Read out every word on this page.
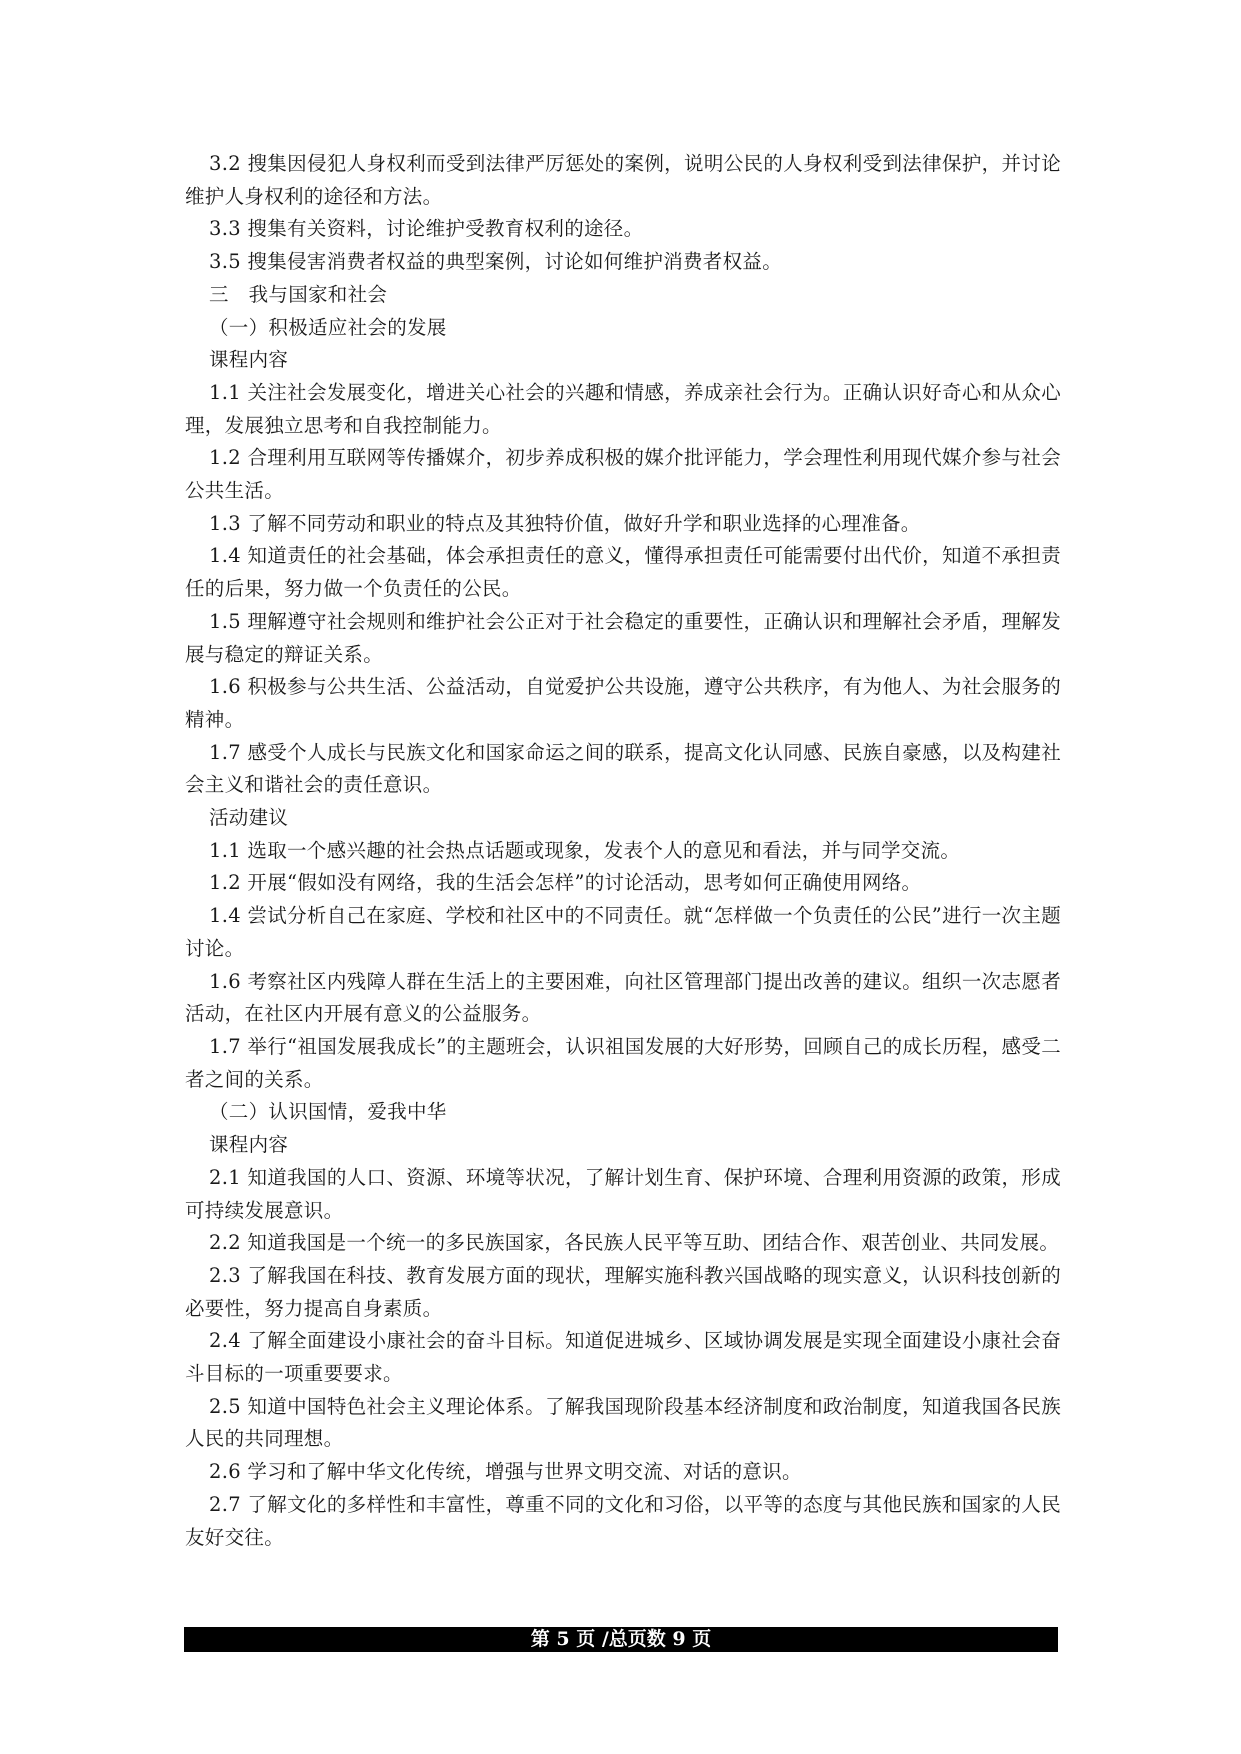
3.2 搜集因侵犯人身权利而受到法律严厉惩处的案例，说明公民的人身权利受到法律保护，并讨论维护人身权利的途径和方法。

3.3 搜集有关资料，讨论维护受教育权利的途径。

3.5 搜集侵害消费者权益的典型案例，讨论如何维护消费者权益。

三　我与国家和社会

（一）积极适应社会的发展

课程内容

1.1 关注社会发展变化，增进关心社会的兴趣和情感，养成亲社会行为。正确认识好奇心和从众心理，发展独立思考和自我控制能力。

1.2 合理利用互联网等传播媒介，初步养成积极的媒介批评能力，学会理性利用现代媒介参与社会公共生活。

1.3 了解不同劳动和职业的特点及其独特价值，做好升学和职业选择的心理准备。

1.4 知道责任的社会基础，体会承担责任的意义，懂得承担责任可能需要付出代价，知道不承担责任的后果，努力做一个负责任的公民。

1.5 理解遵守社会规则和维护社会公正对于社会稳定的重要性，正确认识和理解社会矛盾，理解发展与稳定的辩证关系。

1.6 积极参与公共生活、公益活动，自觉爱护公共设施，遵守公共秩序，有为他人、为社会服务的精神。

1.7 感受个人成长与民族文化和国家命运之间的联系，提高文化认同感、民族自豪感，以及构建社会主义和谐社会的责任意识。

活动建议

1.1 选取一个感兴趣的社会热点话题或现象，发表个人的意见和看法，并与同学交流。

1.2 开展“假如没有网络，我的生活会怎样”的讨论活动，思考如何正确使用网络。

1.4 尝试分析自己在家庭、学校和社区中的不同责任。就“怎样做一个负责任的公民”进行一次主题讨论。

1.6 考察社区内残障人群在生活上的主要困难，向社区管理部门提出改善的建议。组织一次志愿者活动，在社区内开展有意义的公益服务。

1.7 举行“祖国发展我成长”的主题班会，认识祖国发展的大好形势，回顾自己的成长历程，感受二者之间的关系。

（二）认识国情，爱我中华

课程内容

2.1 知道我国的人口、资源、环境等状况，了解计划生育、保护环境、合理利用资源的政策，形成可持续发展意识。

2.2 知道我国是一个统一的多民族国家，各民族人民平等互助、团结合作、艰苦创业、共同发展。

2.3 了解我国在科技、教育发展方面的现状，理解实施科教兴国战略的现实意义，认识科技创新的必要性，努力提高自身素质。

2.4 了解全面建设小康社会的奋斗目标。知道促进城乡、区域协调发展是实现全面建设小康社会奋斗目标的一项重要要求。

2.5 知道中国特色社会主义理论体系。了解我国现阶段基本经济制度和政治制度，知道我国各民族人民的共同理想。

2.6 学习和了解中华文化传统，增强与世界文明交流、对话的意识。

2.7 了解文化的多样性和丰富性，尊重不同的文化和习俗，以平等的态度与其他民族和国家的人民友好交往。

第 5 页 /总页数 9 页
